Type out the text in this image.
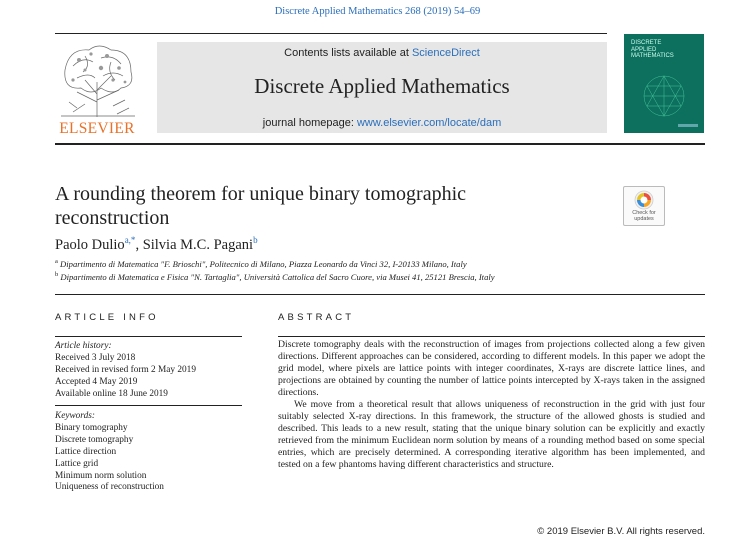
Discrete Applied Mathematics 268 (2019) 54–69
ELSEVIER
Contents lists available at ScienceDirect
Discrete Applied Mathematics
journal homepage: www.elsevier.com/locate/dam
DISCRETE
APPLIED
MATHEMATICS
A rounding theorem for unique binary tomographic
reconstruction	Check for updates
Paolo Dulio$^{a,*}$, Silvia M.C. Pagani$^b$
$^a$ Dipartimento di Matematica "F. Brioschi", Politecnico di Milano, Piazza Leonardo da Vinci 32, I-20133 Milano, Italy
$^b$ Dipartimento di Matematica e Fisica "N. Tartaglia", Università Cattolica del Sacro Cuore, via Musei 41, 25121 Brescia, Italy
ARTICLE INFO	ABSTRACT
Article history:
Received 3 July 2018
Received in revised form 2 May 2019
Accepted 4 May 2019
Available online 18 June 2019
Keywords:
Binary tomography
Discrete tomography
Lattice direction
Lattice grid
Minimum norm solution
Uniqueness of reconstruction

Discrete tomography deals with the reconstruction of images from projections collected along a few given directions. Different approaches can be considered, according to different models. In this paper we adopt the grid model, where pixels are lattice points with integer coordinates, X-rays are discrete lattice lines, and projections are obtained by counting the number of lattice points intercepted by X-rays taken in the assigned directions.

We move from a theoretical result that allows uniqueness of reconstruction in the grid with just four suitably selected X-ray directions. In this framework, the structure of the allowed ghosts is studied and described. This leads to a new result, stating that the unique binary solution can be explicitly and exactly retrieved from the minimum Euclidean norm solution by means of a rounding method based on some special entries, which are precisely determined. A corresponding iterative algorithm has been implemented, and tested on a few phantoms having different characteristics and structure.

© 2019 Elsevier B.V. All rights reserved.
